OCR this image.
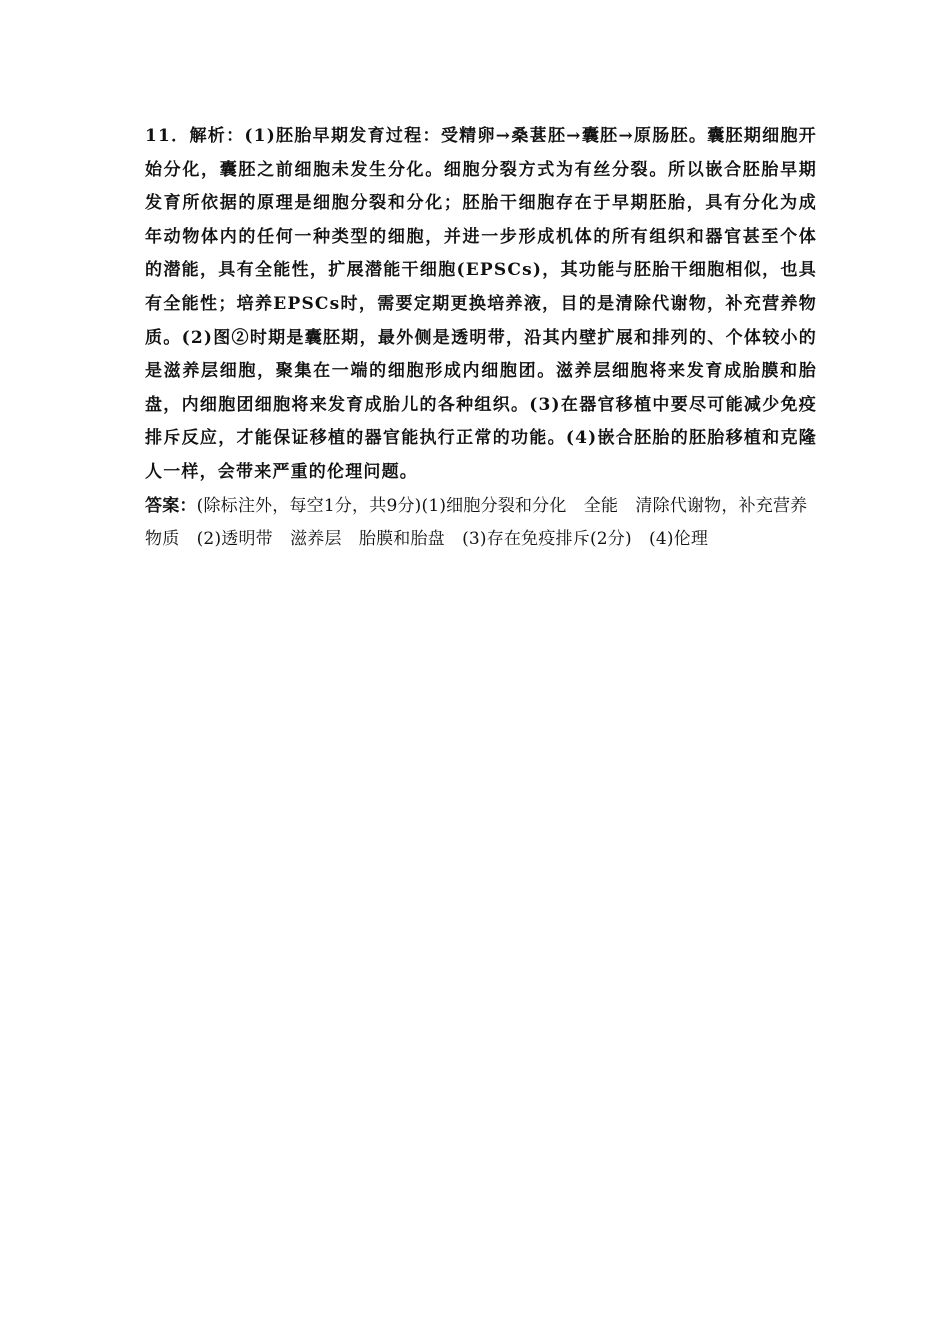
11．解析：(1)胚胎早期发育过程：受精卵→桑葚胚→囊胚→原肠胚。囊胚期细胞开始分化，囊胚之前细胞未发生分化。细胞分裂方式为有丝分裂。所以嵌合胚胎早期发育所依据的原理是细胞分裂和分化；胚胎干细胞存在于早期胚胎，具有分化为成年动物体内的任何一种类型的细胞，并进一步形成机体的所有组织和器官甚至个体的潜能，具有全能性，扩展潜能干细胞(EPSCs)，其功能与胚胎干细胞相似，也具有全能性；培养EPSCs时，需要定期更换培养液，目的是清除代谢物，补充营养物质。(2)图②时期是囊胚期，最外侧是透明带，沿其内壁扩展和排列的、个体较小的是滋养层细胞，聚集在一端的细胞形成内细胞团。滋养层细胞将来发育成胎膜和胎盘，内细胞团细胞将来发育成胎儿的各种组织。(3)在器官移植中要尽可能减少免疫排斥反应，才能保证移植的器官能执行正常的功能。(4)嵌合胚胎的胚胎移植和克隆人一样，会带来严重的伦理问题。

答案：(除标注外，每空1分，共9分)(1)细胞分裂和分化　全能　清除代谢物，补充营养物质　(2)透明带　滋养层　胎膜和胎盘　(3)存在免疫排斥(2分)　(4)伦理
